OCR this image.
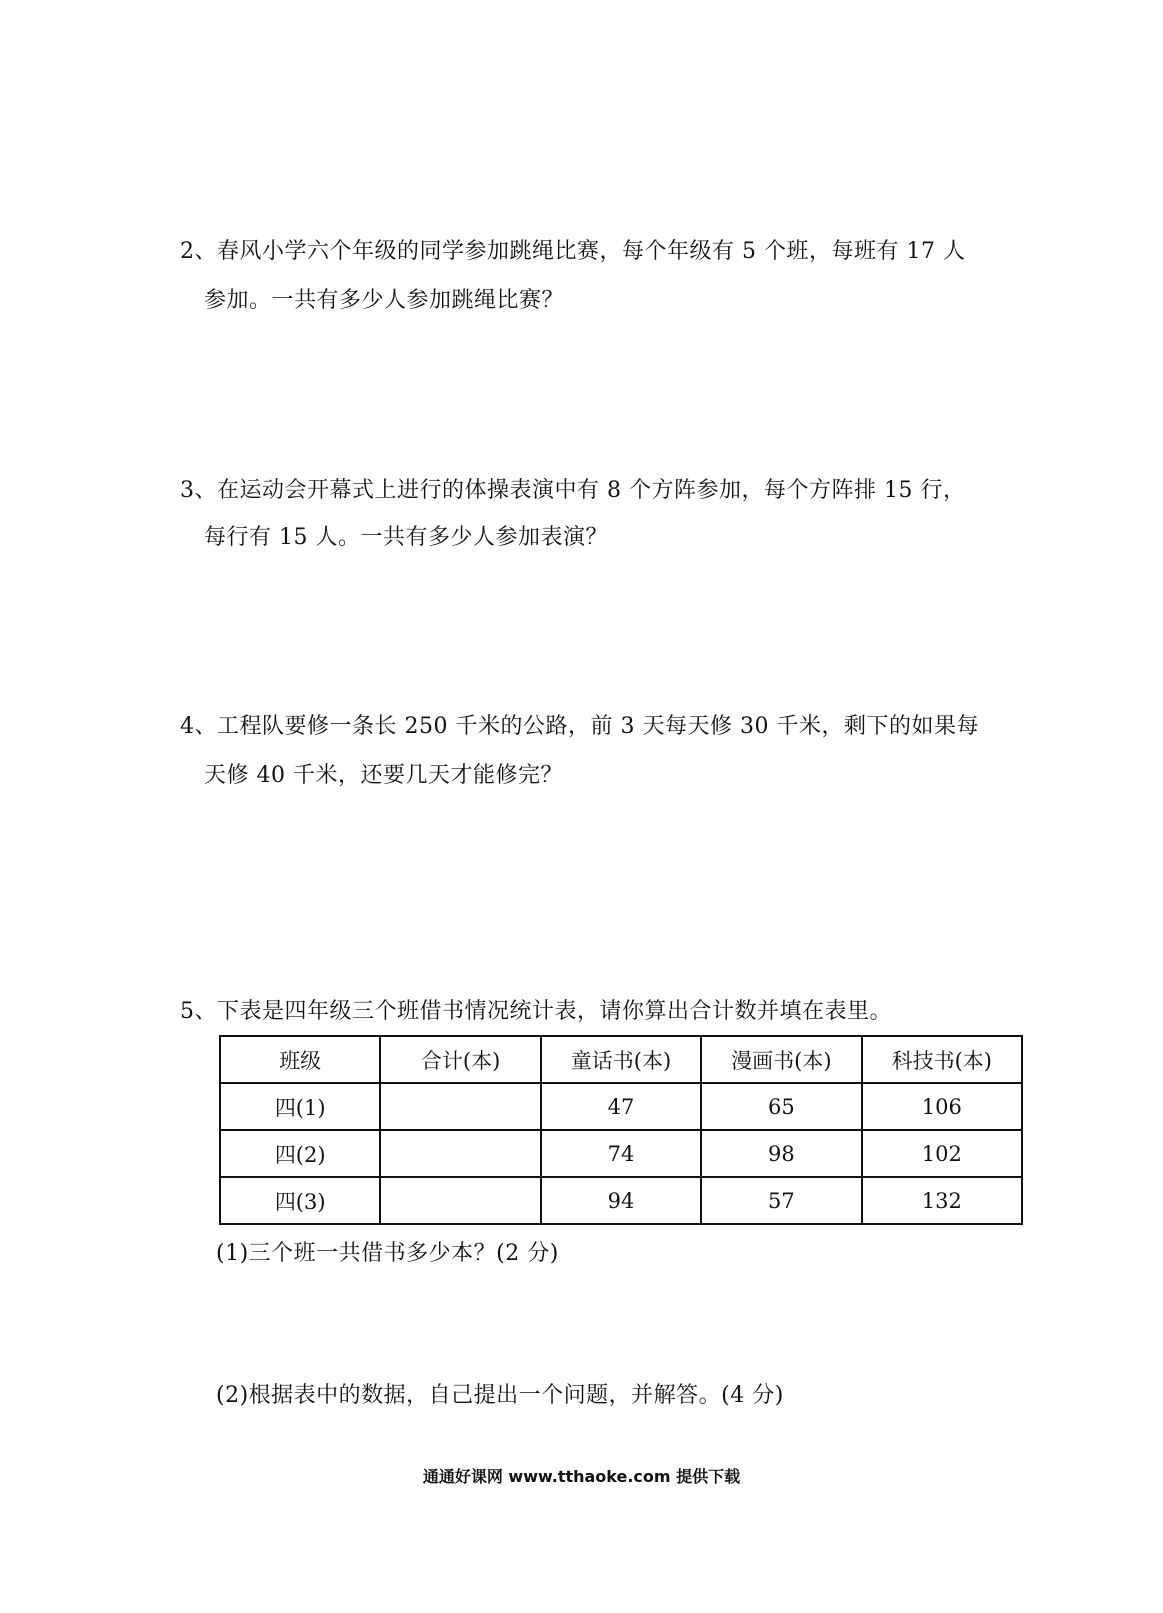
2、春风小学六个年级的同学参加跳绳比赛，每个年级有 5 个班，每班有 17 人
参加。一共有多少人参加跳绳比赛？
3、在运动会开幕式上进行的体操表演中有 8 个方阵参加，每个方阵排 15 行，
每行有 15 人。一共有多少人参加表演？
4、工程队要修一条长 250 千米的公路，前 3 天每天修 30 千米，剩下的如果每
天修 40 千米，还要几天才能修完？
5、下表是四年级三个班借书情况统计表，请你算出合计数并填在表里。
班级	合计(本)	童话书(本)	漫画书(本)	科技书(本)
四(1)		47	65	106
四(2)		74	98	102
四(3)		94	57	132
(1)三个班一共借书多少本？(2 分)
(2)根据表中的数据，自己提出一个问题，并解答。(4 分)
通通好课网 www.tthaoke.com 提供下载
